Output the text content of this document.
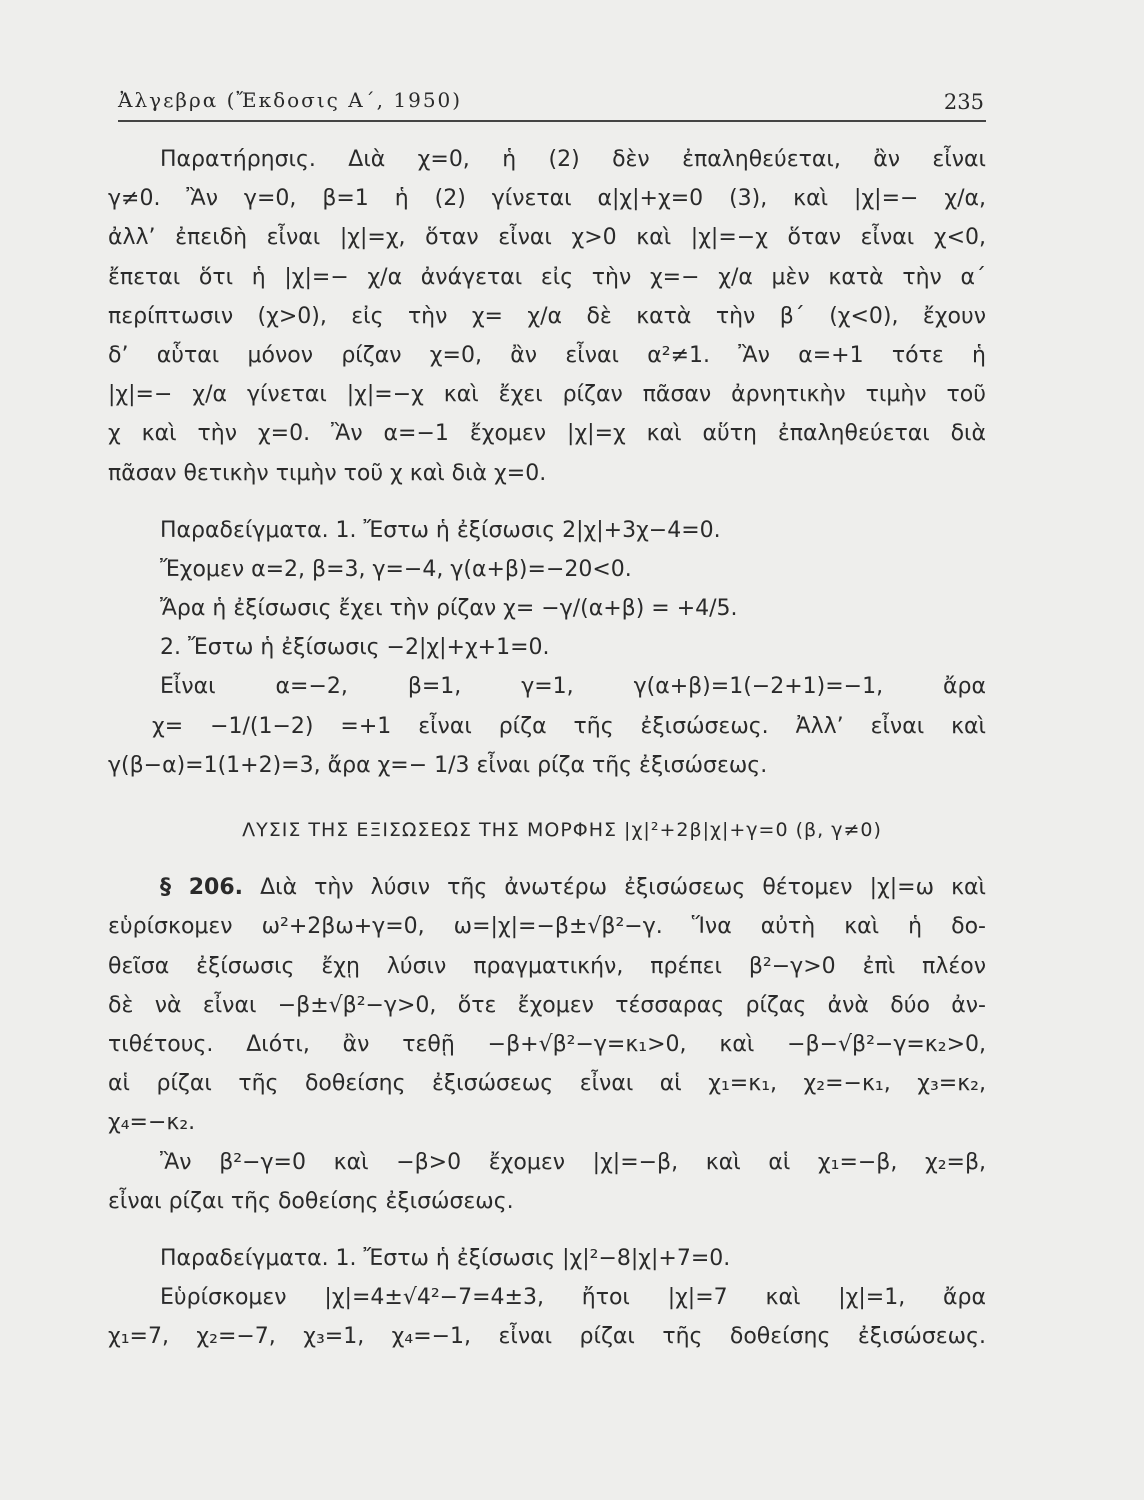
Ἀλγεβρα (Ἔκδοσις Α΄, 1950)	235
Παρατήρησις. Διὰ χ=0, ἡ (2) δὲν ἐπαληθεύεται, ἂν εἶναι
γ≠0. Ἂν γ=0, β=1 ἡ (2) γίνεται α|χ|+χ=0 (3), καὶ |χ|=− χ/α,
ἀλλ’ ἐπειδὴ εἶναι |χ|=χ, ὅταν εἶναι χ>0 καὶ |χ|=−χ ὅταν εἶναι χ<0,
ἔπεται ὅτι ἡ |χ|=− χ/α ἀνάγεται εἰς τὴν χ=− χ/α μὲν κατὰ τὴν α΄
περίπτωσιν (χ>0), εἰς τὴν χ= χ/α δὲ κατὰ τὴν β΄ (χ<0), ἔχουν
δ’ αὗται μόνον ρίζαν χ=0, ἂν εἶναι α²≠1. Ἂν α=+1 τότε ἡ
|χ|=− χ/α γίνεται |χ|=−χ καὶ ἔχει ρίζαν πᾶσαν ἀρνητικὴν τιμὴν τοῦ
χ καὶ τὴν χ=0. Ἂν α=−1 ἔχομεν |χ|=χ καὶ αὕτη ἐπαληθεύεται διὰ
πᾶσαν θετικὴν τιμὴν τοῦ χ καὶ διὰ χ=0.
Παραδείγματα. 1. Ἔστω ἡ ἐξίσωσις 2|χ|+3χ−4=0.
Ἔχομεν α=2, β=3, γ=−4, γ(α+β)=−20<0.
Ἄρα ἡ ἐξίσωσις ἔχει τὴν ρίζαν χ= −γ/(α+β) = +4/5.
2. Ἔστω ἡ ἐξίσωσις −2|χ|+χ+1=0.
Εἶναι α=−2, β=1, γ=1, γ(α+β)=1(−2+1)=−1, ἄρα
χ= −1/(1−2) =+1 εἶναι ρίζα τῆς ἐξισώσεως. Ἀλλ’ εἶναι καὶ
γ(β−α)=1(1+2)=3, ἄρα χ=− 1/3 εἶναι ρίζα τῆς ἐξισώσεως.
ΛΥΣΙΣ ΤΗΣ ΕΞΙΣΩΣΕΩΣ ΤΗΣ ΜΟΡΦΗΣ |χ|²+2β|χ|+γ=0 (β, γ≠0)
§ 206. Διὰ τὴν λύσιν τῆς ἀνωτέρω ἐξισώσεως θέτομεν |χ|=ω καὶ
εὑρίσκομεν ω²+2βω+γ=0, ω=|χ|=−β±√β²−γ. Ἵνα αὐτὴ καὶ ἡ δο-
θεῖσα ἐξίσωσις ἔχῃ λύσιν πραγματικήν, πρέπει β²−γ>0 ἐπὶ πλέον
δὲ νὰ εἶναι −β±√β²−γ>0, ὅτε ἔχομεν τέσσαρας ρίζας ἀνὰ δύο ἀν-
τιθέτους. Διότι, ἂν τεθῇ −β+√β²−γ=κ₁>0, καὶ −β−√β²−γ=κ₂>0,
αἱ ρίζαι τῆς δοθείσης ἐξισώσεως εἶναι αἱ χ₁=κ₁, χ₂=−κ₁, χ₃=κ₂,
χ₄=−κ₂.
Ἂν β²−γ=0 καὶ −β>0 ἔχομεν |χ|=−β, καὶ αἱ χ₁=−β, χ₂=β,
εἶναι ρίζαι τῆς δοθείσης ἐξισώσεως.
Παραδείγματα. 1. Ἔστω ἡ ἐξίσωσις |χ|²−8|χ|+7=0.
Εὑρίσκομεν |χ|=4±√4²−7=4±3, ἤτοι |χ|=7 καὶ |χ|=1, ἄρα
χ₁=7, χ₂=−7, χ₃=1, χ₄=−1, εἶναι ρίζαι τῆς δοθείσης ἐξισώσεως.
